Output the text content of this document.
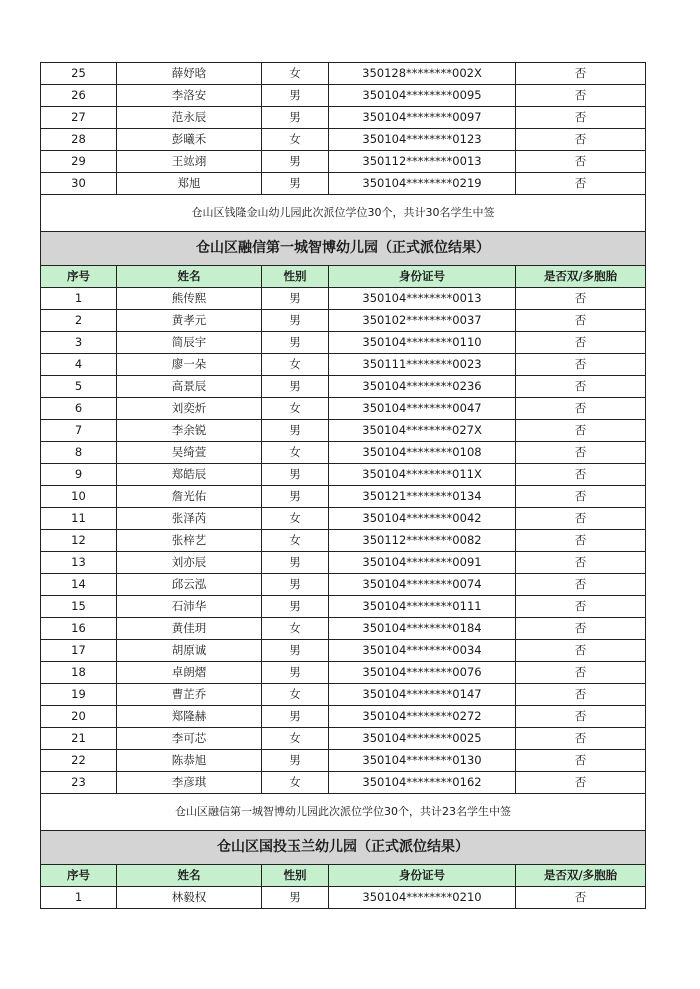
25	薛妤晗	女	350128********002X	否
26	李洛安	男	350104********0095	否
27	范永辰	男	350104********0097	否
28	彭曦禾	女	350104********0123	否
29	王竑翊	男	350112********0013	否
30	郑旭	男	350104********0219	否
仓山区钱隆金山幼儿园此次派位学位30个，共计30名学生中签				
仓山区融信第一城智博幼儿园（正式派位结果）				
序号	姓名	性别	身份证号	是否双/多胞胎
1	熊传熙	男	350104********0013	否
2	黄孝元	男	350102********0037	否
3	简辰宇	男	350104********0110	否
4	廖一朵	女	350111********0023	否
5	高景辰	男	350104********0236	否
6	刘奕炘	女	350104********0047	否
7	李余锐	男	350104********027X	否
8	吴绮萱	女	350104********0108	否
9	郑皓辰	男	350104********011X	否
10	詹光佑	男	350121********0134	否
11	张泽芮	女	350104********0042	否
12	张梓艺	女	350112********0082	否
13	刘亦辰	男	350104********0091	否
14	邱云泓	男	350104********0074	否
15	石沛华	男	350104********0111	否
16	黄佳玥	女	350104********0184	否
17	胡原诚	男	350104********0034	否
18	卓朗熠	男	350104********0076	否
19	曹芷乔	女	350104********0147	否
20	郑隆赫	男	350104********0272	否
21	李可芯	女	350104********0025	否
22	陈恭旭	男	350104********0130	否
23	李彦琪	女	350104********0162	否
仓山区融信第一城智博幼儿园此次派位学位30个，共计23名学生中签				
仓山区国投玉兰幼儿园（正式派位结果）				
序号	姓名	性别	身份证号	是否双/多胞胎
1	林毅权	男	350104********0210	否
